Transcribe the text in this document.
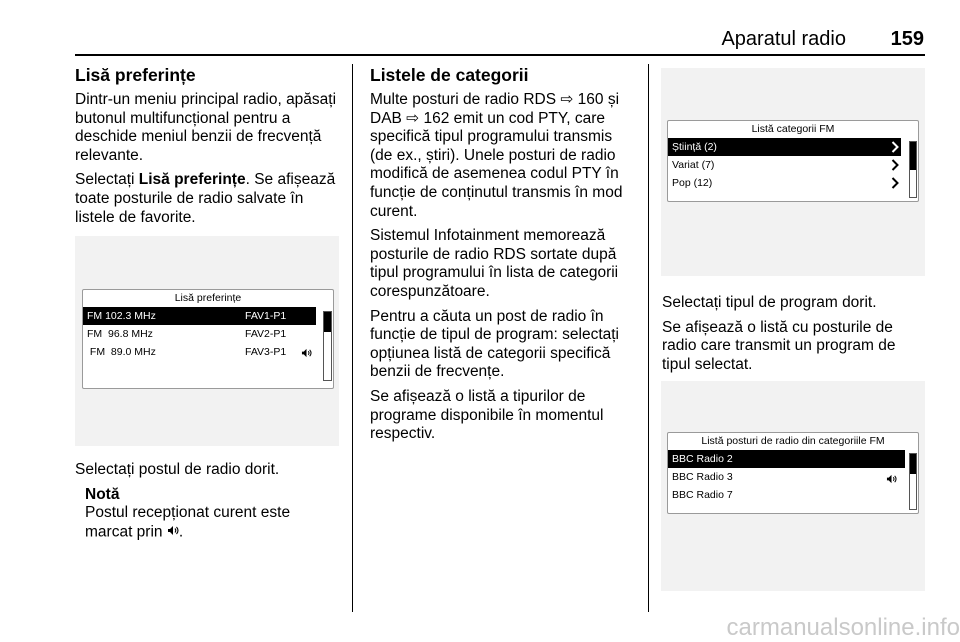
Aparatul radio	159
Lisă preferințe

Dintr-un meniu principal radio, apăsați butonul multifuncțional pentru a deschide meniul benzii de frecvență relevante.

Selectați Lisă preferințe. Se afișează toate posturile de radio salvate în listele de favorite.

Lisă preferințe
FM 102.3 MHz	FAV1-P1
FM  96.8 MHz	FAV2-P1
FM  89.0 MHz	FAV3-P1

Selectați postul de radio dorit.

Notă
Postul recepționat curent este marcat prin .
Listele de categorii

Multe posturi de radio RDS ⇨ 160 și DAB ⇨ 162 emit un cod PTY, care specifică tipul programului transmis (de ex., știri). Unele posturi de radio modifică de asemenea codul PTY în funcție de conținutul transmis în mod curent.

Sistemul Infotainment memorează posturile de radio RDS sortate după tipul programului în lista de categorii corespunzătoare.

Pentru a căuta un post de radio în funcție de tipul de program: selectați opțiunea listă de categorii specifică benzii de frecvențe.

Se afișează o listă a tipurilor de programe disponibile în momentul respectiv.

Listă categorii FM
Știință (2)
Variat (7)
Pop (12)

Selectați tipul de program dorit.

Se afișează o listă cu posturile de radio care transmit un program de tipul selectat.

Listă posturi de radio din categoriile FM
BBC Radio 2
BBC Radio 3
BBC Radio 7
carmanualsonline.info
